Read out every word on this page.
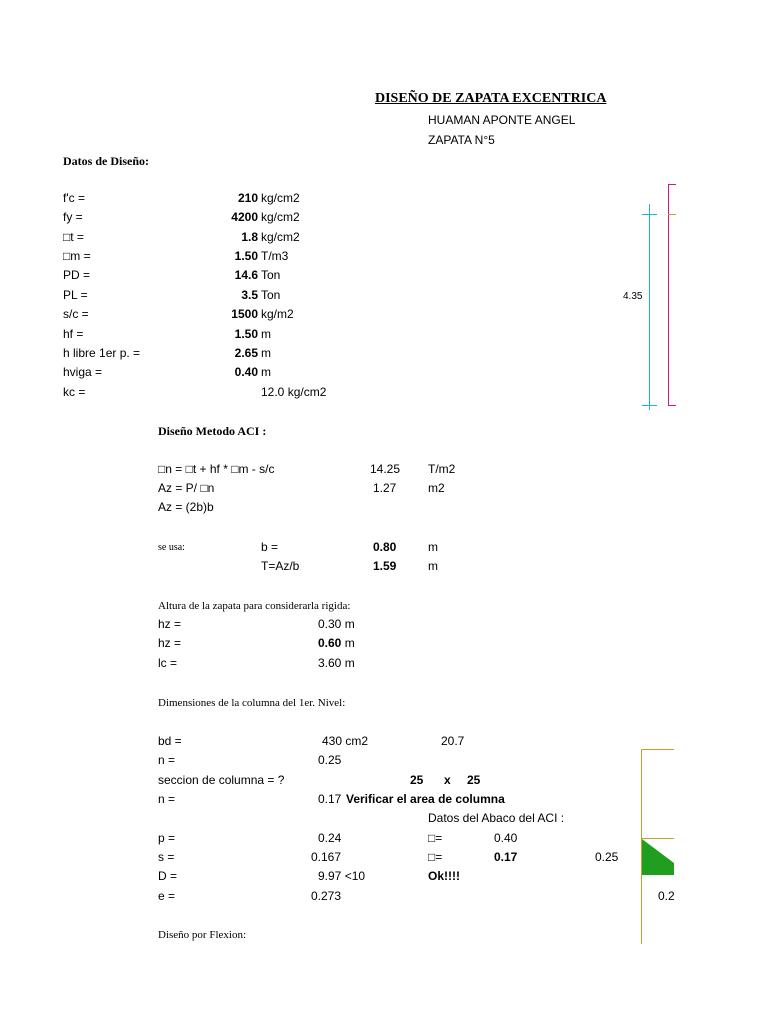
DISEÑO DE ZAPATA EXCENTRICA
HUAMAN APONTE ANGEL
ZAPATA N°5
Datos de Diseño:
f'c =	210 kg/cm2
fy =	4200 kg/cm2
□t =	1.8 kg/cm2
□m =	1.50 T/m3
PD =	14.6 Ton
PL =	3.5 Ton
s/c =	1500 kg/m2
hf =	1.50 m
h libre 1er p. =	2.65 m
hviga =	0.40 m
kc =	12.0 kg/cm2
4.35
Diseño Metodo ACI :
□n = □t + hf * □m - s/c	14.25 T/m2
Az = P/ □n	1.27	m2
Az = (2b)b
se usa:	b =	0.80	m
T=Az/b	1.59	m
Altura de la zapata para considerarla rigida:
hz =	0.30 m
hz =	0.60 m
lc =	3.60 m
Dimensiones de la columna del 1er. Nivel:
bd =	430 cm2	20.7
n =	0.25
seccion de columna = ?	25 x 25
n =	0.17 Verificar el area de columna
Datos del Abaco del ACI :
p =	0.24	□=	0.40
s =	0.167	□=	0.17	0.25
D =	9.97 <10	Ok!!!!
e =	0.273	0.2
Diseño por Flexion:
